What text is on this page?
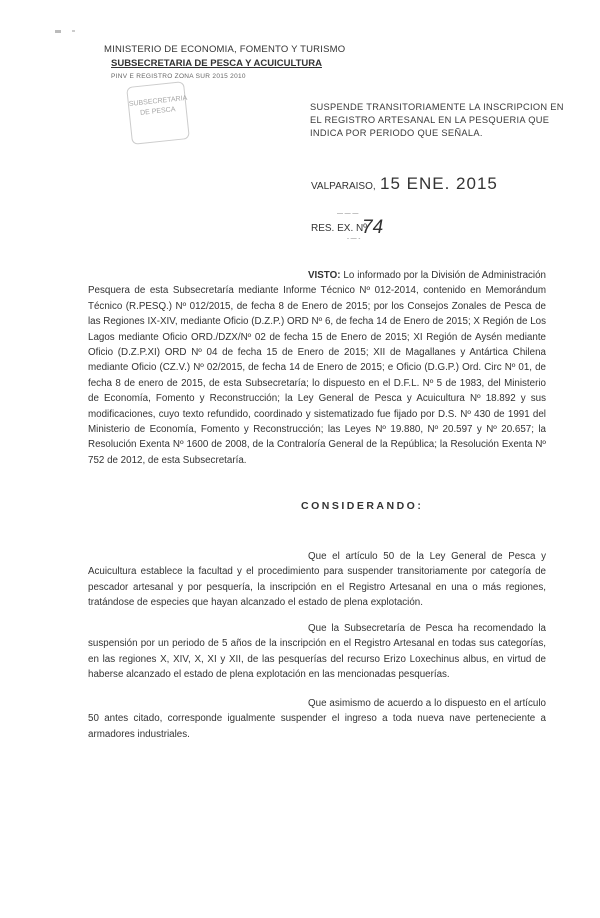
MINISTERIO DE ECONOMIA, FOMENTO Y TURISMO
SUBSECRETARIA DE PESCA Y ACUICULTURA
PINV E REGISTRO ZONA SUR 2015 2010
SUBSECRETARIA DE PESCA	SUSPENDE TRANSITORIAMENTE LA INSCRIPCION EN EL REGISTRO ARTESANAL EN LA PESQUERIA QUE INDICA POR PERIODO QUE SEÑALA.
VALPARAISO, 15 ENE. 2015
— — —
RES. EX. Nº
74
- — -
VISTO: Lo informado por la División de Administración Pesquera de esta Subsecretaría mediante Informe Técnico Nº 012-2014, contenido en Memorándum Técnico (R.PESQ.) Nº 012/2015, de fecha 8 de Enero de 2015; por los Consejos Zonales de Pesca de las Regiones IX-XIV, mediante Oficio (D.Z.P.) ORD Nº 6, de fecha 14 de Enero de 2015; X Región de Los Lagos mediante Oficio ORD./DZX/Nº 02 de fecha 15 de Enero de 2015; XI Región de Aysén mediante Oficio (D.Z.P.XI) ORD Nº 04 de fecha 15 de Enero de 2015; XII de Magallanes y Antártica Chilena mediante Oficio (CZ.V.) Nº 02/2015, de fecha 14 de Enero de 2015; e Oficio (D.G.P.) Ord. Circ Nº 01, de fecha 8 de enero de 2015, de esta Subsecretaría; lo dispuesto en el D.F.L. Nº 5 de 1983, del Ministerio de Economía, Fomento y Reconstrucción; la Ley General de Pesca y Acuicultura Nº 18.892 y sus modificaciones, cuyo texto refundido, coordinado y sistematizado fue fijado por D.S. Nº 430 de 1991 del Ministerio de Economía, Fomento y Reconstrucción; las Leyes Nº 19.880, Nº 20.597 y Nº 20.657; la Resolución Exenta Nº 1600 de 2008, de la Contraloría General de la República; la Resolución Exenta Nº 752 de 2012, de esta Subsecretaría.
CONSIDERANDO:
Que el artículo 50 de la Ley General de Pesca y Acuicultura establece la facultad y el procedimiento para suspender transitoriamente por categoría de pescador artesanal y por pesquería, la inscripción en el Registro Artesanal en una o más regiones, tratándose de especies que hayan alcanzado el estado de plena explotación.
Que la Subsecretaría de Pesca ha recomendado la suspensión por un periodo de 5 años de la inscripción en el Registro Artesanal en todas sus categorías, en las regiones X, XIV, X, XI y XII, de las pesquerías del recurso Erizo Loxechinus albus, en virtud de haberse alcanzado el estado de plena explotación en las mencionadas pesquerías.
Que asimismo de acuerdo a lo dispuesto en el artículo 50 antes citado, corresponde igualmente suspender el ingreso a toda nueva nave perteneciente a armadores industriales.
